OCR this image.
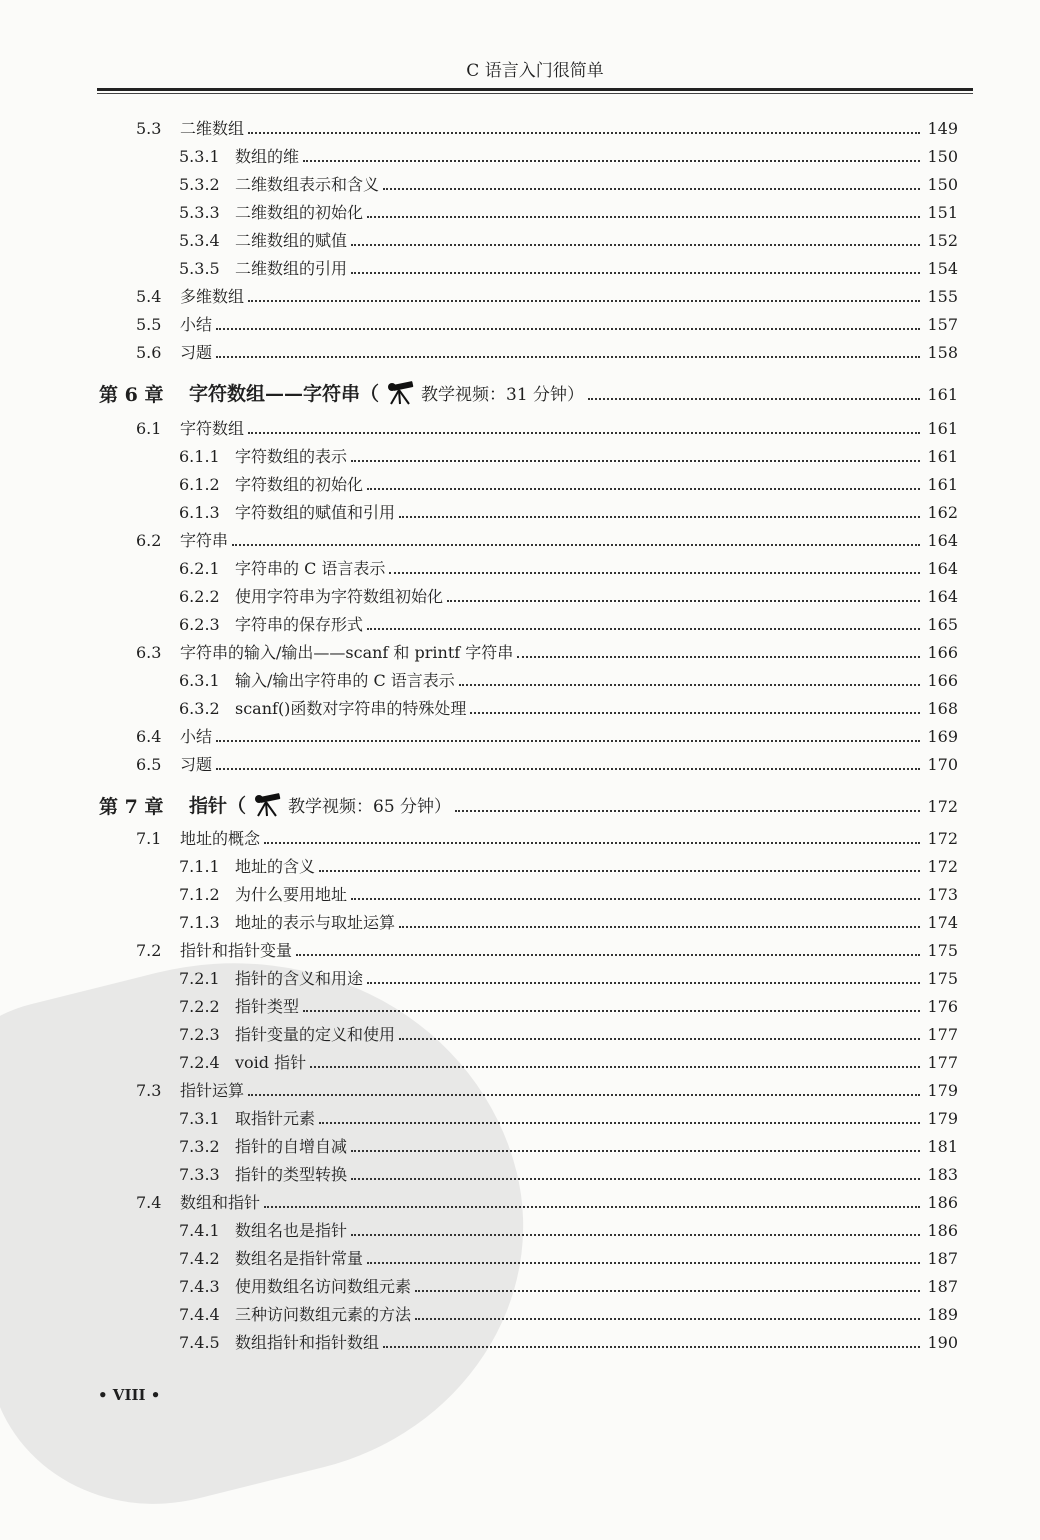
C 语言入门很简单
5.3	二维数组	149
5.3.1 数组的维	150
5.3.2 二维数组表示和含义	150
5.3.3 二维数组的初始化	151
5.3.4 二维数组的赋值	152
5.3.5 二维数组的引用	154
5.4	多维数组	155
5.5	小结	157
5.6	习题	158
第 6 章	字符数组——字符串（ 教学视频：31 分钟）	161
6.1	字符数组	161
6.1.1 字符数组的表示	161
6.1.2 字符数组的初始化	161
6.1.3 字符数组的赋值和引用	162
6.2	字符串	164
6.2.1 字符串的 C 语言表示	164
6.2.2 使用字符串为字符数组初始化	164
6.2.3 字符串的保存形式	165
6.3	字符串的输入/输出——scanf 和 printf 字符串	166
6.3.1 输入/输出字符串的 C 语言表示	166
6.3.2 scanf()函数对字符串的特殊处理	168
6.4	小结	169
6.5	习题	170
第 7 章	指针（ 教学视频：65 分钟）	172
7.1	地址的概念	172
7.1.1 地址的含义	172
7.1.2 为什么要用地址	173
7.1.3 地址的表示与取址运算	174
7.2	指针和指针变量	175
7.2.1 指针的含义和用途	175
7.2.2 指针类型	176
7.2.3 指针变量的定义和使用	177
7.2.4 void 指针	177
7.3	指针运算	179
7.3.1 取指针元素	179
7.3.2 指针的自增自减	181
7.3.3 指针的类型转换	183
7.4	数组和指针	186
7.4.1 数组名也是指针	186
7.4.2 数组名是指针常量	187
7.4.3 使用数组名访问数组元素	187
7.4.4 三种访问数组元素的方法	189
7.4.5 数组指针和指针数组	190
• VIII •
